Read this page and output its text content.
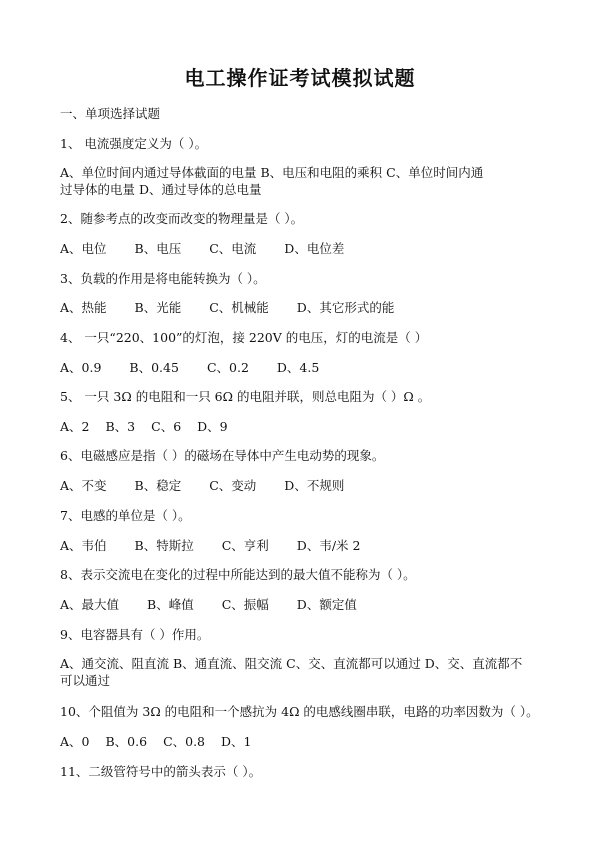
电工操作证考试模拟试题
一、单项选择试题
1、 电流强度定义为（ ）。
A、单位时间内通过导体截面的电量 B、电压和电阻的乘积 C、单位时间内通
过导体的电量 D、通过导体的总电量
2、随参考点的改变而改变的物理量是（ ）。
A、电位 B、电压 C、电流 D、电位差
3、负载的作用是将电能转换为（ ）。
A、热能 B、光能 C、机械能 D、其它形式的能
4、 一只“220、100”的灯泡，接 220V 的电压，灯的电流是（ ）
A、0.9 B、0.45 C、0.2 D、4.5
5、 一只 3Ω 的电阻和一只 6Ω 的电阻并联，则总电阻为（ ）Ω 。
A、2 B、3 C、6 D、9
6、电磁感应是指（ ）的磁场在导体中产生电动势的现象。
A、不变 B、稳定 C、变动 D、不规则
7、电感的单位是（ ）。
A、韦伯 B、特斯拉 C、亨利 D、韦/米 2
8、表示交流电在变化的过程中所能达到的最大值不能称为（ ）。
A、最大值 B、峰值 C、振幅 D、额定值
9、电容器具有（ ）作用。
A、通交流、阻直流 B、通直流、阻交流 C、交、直流都可以通过 D、交、直流都不
可以通过
10、个阻值为 3Ω 的电阻和一个感抗为 4Ω 的电感线圈串联，电路的功率因数为（ ）。
A、0 B、0.6 C、0.8 D、1
11、二级管符号中的箭头表示（ ）。
